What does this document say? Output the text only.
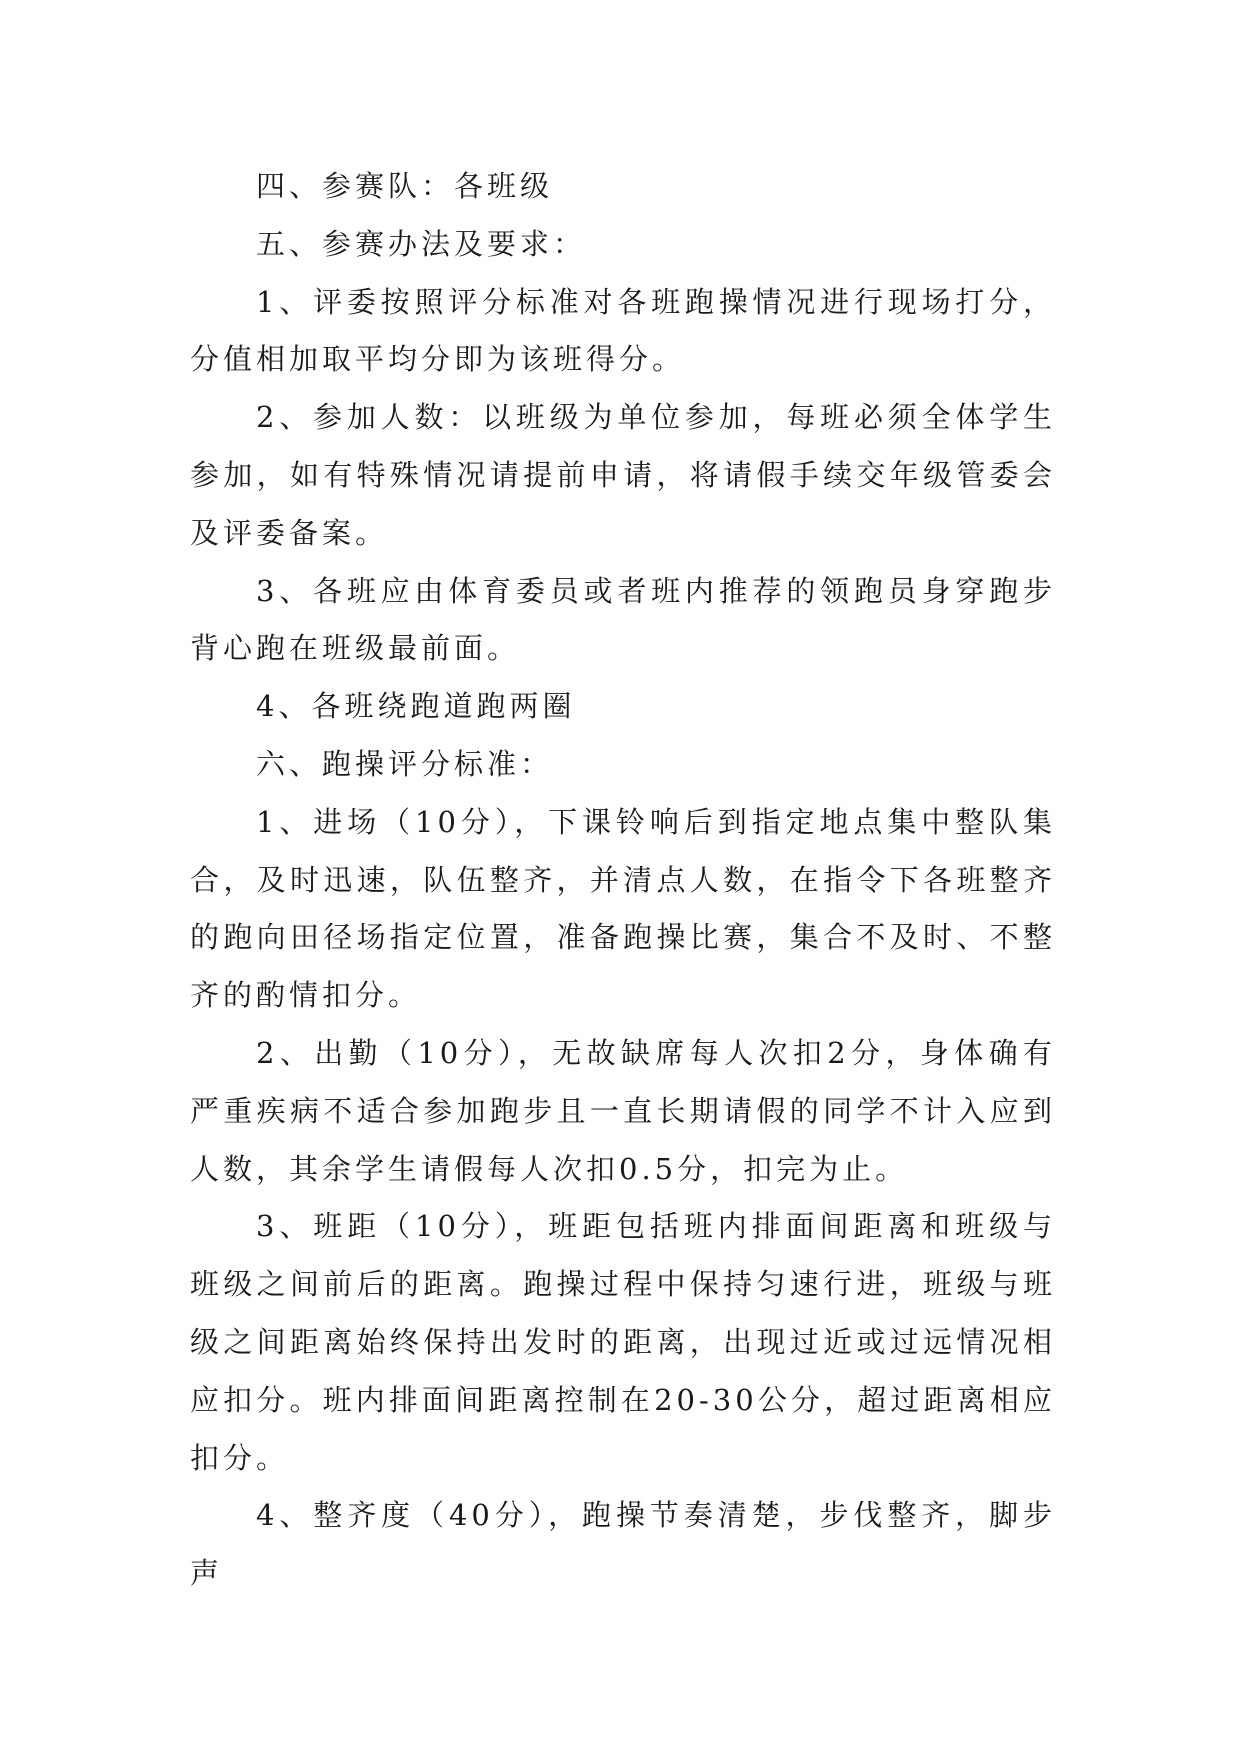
四、参赛队：各班级

五、参赛办法及要求：

1、评委按照评分标准对各班跑操情况进行现场打分，分值相加取平均分即为该班得分。

2、参加人数：以班级为单位参加，每班必须全体学生参加，如有特殊情况请提前申请，将请假手续交年级管委会及评委备案。

3、各班应由体育委员或者班内推荐的领跑员身穿跑步背心跑在班级最前面。

4、各班绕跑道跑两圈

六、跑操评分标准：

1、进场（10分），下课铃响后到指定地点集中整队集合，及时迅速，队伍整齐，并清点人数，在指令下各班整齐的跑向田径场指定位置，准备跑操比赛，集合不及时、不整齐的酌情扣分。

2、出勤（10分），无故缺席每人次扣2分，身体确有严重疾病不适合参加跑步且一直长期请假的同学不计入应到人数，其余学生请假每人次扣0.5分，扣完为止。

3、班距（10分），班距包括班内排面间距离和班级与班级之间前后的距离。跑操过程中保持匀速行进，班级与班级之间距离始终保持出发时的距离，出现过近或过远情况相应扣分。班内排面间距离控制在20-30公分，超过距离相应扣分。

4、整齐度（40分），跑操节奏清楚，步伐整齐，脚步声
